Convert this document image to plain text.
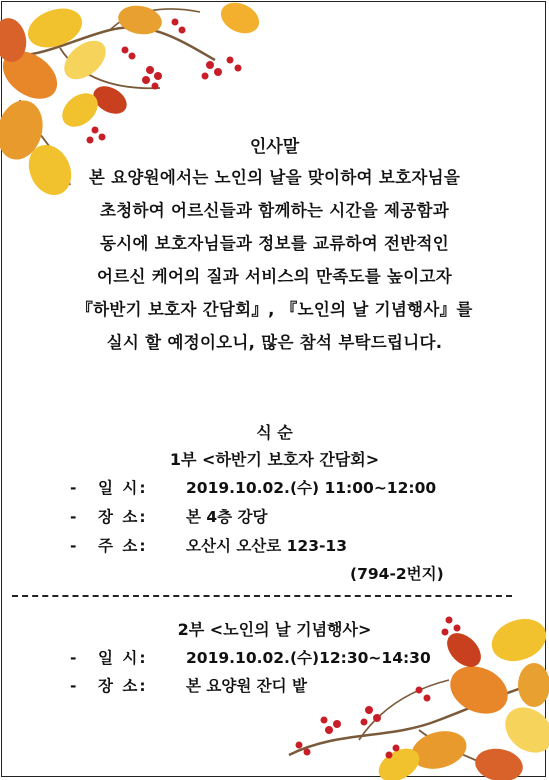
인사말
본 요양원에서는 노인의 날을 맞이하여 보호자님을
초청하여 어르신들과 함께하는 시간을 제공함과
동시에 보호자님들과 정보를 교류하여 전반적인
어르신 케어의 질과 서비스의 만족도를 높이고자
『하반기 보호자 간담회』, 『노인의 날 기념행사』를
실시 할 예정이오니, 많은 참석 부탁드립니다.
식 순
1부 <하반기 보호자 간담회>
- 일 시: 2019.10.02.(수) 11:00~12:00
- 장 소: 본 4층 강당
- 주 소: 오산시 오산로 123-13
(794-2번지)
2부 <노인의 날 기념행사>
- 일 시: 2019.10.02.(수)12:30~14:30
- 장 소: 본 요양원 잔디 밭
